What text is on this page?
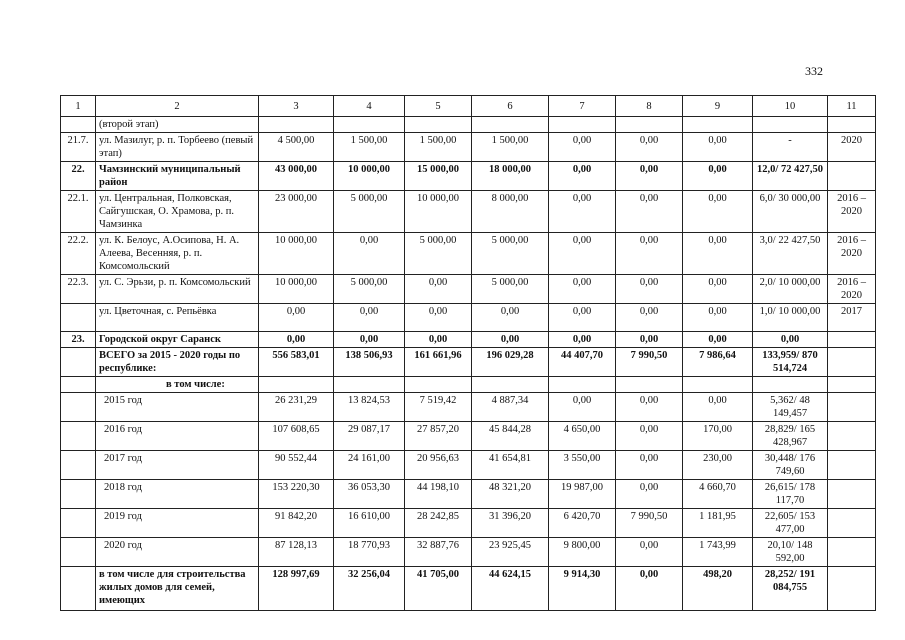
332
1	2	3	4	5	6	7	8	9	10	11
	(второй этап)									
21.7.	ул. Мазилуг, р. п. Торбеево (певый этап)	4 500,00	1 500,00	1 500,00	1 500,00	0,00	0,00	0,00	-	2020
22.	Чамзинский муниципальный район	43 000,00	10 000,00	15 000,00	18 000,00	0,00	0,00	0,00	12,0/ 72 427,50	
22.1.	ул. Центральная, Полковская, Сайгушская, О. Храмова, р. п. Чамзинка	23 000,00	5 000,00	10 000,00	8 000,00	0,00	0,00	0,00	6,0/ 30 000,00	2016 – 2020
22.2.	ул. К. Белоус, А.Осипова, Н. А. Алеева, Весенняя, р. п. Комсомольский	10 000,00	0,00	5 000,00	5 000,00	0,00	0,00	0,00	3,0/ 22 427,50	2016 – 2020
22.3.	ул. С. Эрьзи, р. п. Комсомольский	10 000,00	5 000,00	0,00	5 000,00	0,00	0,00	0,00	2,0/ 10 000,00	2016 – 2020
	ул. Цветочная, с. Репьёвка	0,00	0,00	0,00	0,00	0,00	0,00	0,00	1,0/ 10 000,00	2017
23.	Городской округ Саранск	0,00	0,00	0,00	0,00	0,00	0,00	0,00	0,00	
	ВСЕГО за 2015 - 2020 годы по республике:	556 583,01	138 506,93	161 661,96	196 029,28	44 407,70	7 990,50	7 986,64	133,959/ 870 514,724	
	в том числе:									
	2015 год	26 231,29	13 824,53	7 519,42	4 887,34	0,00	0,00	0,00	5,362/ 48 149,457	
	2016 год	107 608,65	29 087,17	27 857,20	45 844,28	4 650,00	0,00	170,00	28,829/ 165 428,967	
	2017 год	90 552,44	24 161,00	20 956,63	41 654,81	3 550,00	0,00	230,00	30,448/ 176 749,60	
	2018 год	153 220,30	36 053,30	44 198,10	48 321,20	19 987,00	0,00	4 660,70	26,615/ 178 117,70	
	2019 год	91 842,20	16 610,00	28 242,85	31 396,20	6 420,70	7 990,50	1 181,95	22,605/ 153 477,00	
	2020 год	87 128,13	18 770,93	32 887,76	23 925,45	9 800,00	0,00	1 743,99	20,10/ 148 592,00	
	в том числе для строительства жилых домов для семей, имеющих	128 997,69	32 256,04	41 705,00	44 624,15	9 914,30	0,00	498,20	28,252/ 191 084,755	
